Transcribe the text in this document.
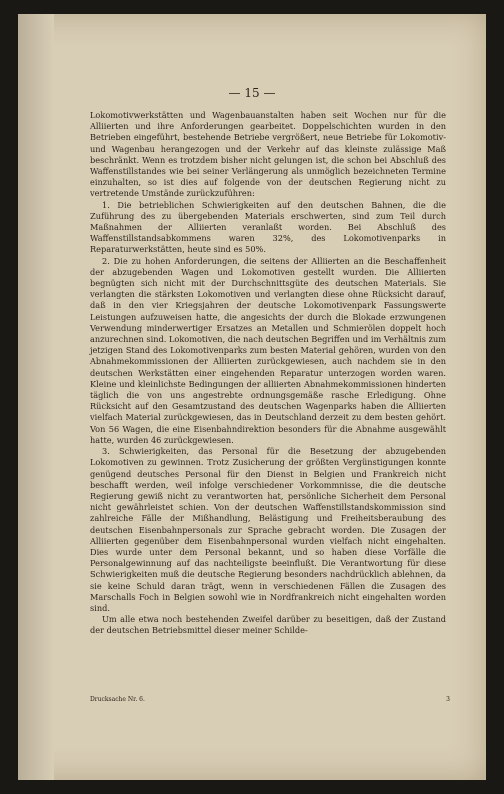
— 15 —

Lokomotivwerkstätten und Wagenbauanstalten haben seit Wochen nur für die Alliierten und ihre Anforderungen gearbeitet. Doppelschichten wurden in den Betrieben eingeführt, bestehende Betriebe vergrößert, neue Betriebe für Lokomotiv- und Wagenbau herangezogen und der Verkehr auf das kleinste zulässige Maß beschränkt. Wenn es trotzdem bisher nicht gelungen ist, die schon bei Abschluß des Waffenstillstandes wie bei seiner Verlängerung als unmöglich bezeichneten Termine einzuhalten, so ist dies auf folgende von der deutschen Regierung nicht zu vertretende Umstände zurückzuführen:

1. Die betrieblichen Schwierigkeiten auf den deutschen Bahnen, die die Zuführung des zu übergebenden Materials erschwerten, sind zum Teil durch Maßnahmen der Alliierten veranlaßt worden. Bei Abschluß des Waffenstillstandsabkommens waren 32%, des Lokomotivenparks in Reparaturwerkstätten, heute sind es 50%.

2. Die zu hohen Anforderungen, die seitens der Alliierten an die Beschaffenheit der abzugebenden Wagen und Lokomotiven gestellt wurden. Die Alliierten begnügten sich nicht mit der Durchschnittsgüte des deutschen Materials. Sie verlangten die stärksten Lokomotiven und verlangten diese ohne Rücksicht darauf, daß in den vier Kriegsjahren der deutsche Lokomotivenpark Fassungswerte Leistungen aufzuweisen hatte, die angesichts der durch die Blokade erzwungenen Verwendung minderwertiger Ersatzes an Metallen und Schmierölen doppelt hoch anzurechnen sind. Lokomotiven, die nach deutschen Begriffen und im Verhältnis zum jetzigen Stand des Lokomotivenparks zum besten Material gehören, wurden von den Abnahmekommissionen der Alliierten zurückgewiesen, auch nachdem sie in den deutschen Werkstätten einer eingehenden Reparatur unterzogen worden waren. Kleine und kleinlichste Bedingungen der alliierten Abnahmekommissionen hinderten täglich die von uns angestrebte ordnungsgemäße rasche Erledigung. Ohne Rücksicht auf den Gesamtzustand des deutschen Wagenparks haben die Alliierten vielfach Material zurückgewiesen, das in Deutschland derzeit zu dem besten gehört. Von 56 Wagen, die eine Eisenbahndirektion besonders für die Abnahme ausgewählt hatte, wurden 46 zurückgewiesen.

3. Schwierigkeiten, das Personal für die Besetzung der abzugebenden Lokomotiven zu gewinnen. Trotz Zusicherung der größten Vergünstigungen konnte genügend deutsches Personal für den Dienst in Belgien und Frankreich nicht beschafft werden, weil infolge verschiedener Vorkommnisse, die die deutsche Regierung gewiß nicht zu verantworten hat, persönliche Sicherheit dem Personal nicht gewährleistet schien. Von der deutschen Waffenstillstandskommission sind zahlreiche Fälle der Mißhandlung, Belästigung und Freiheitsberaubung des deutschen Eisenbahnpersonals zur Sprache gebracht worden. Die Zusagen der Alliierten gegenüber dem Eisenbahnpersonal wurden vielfach nicht eingehalten. Dies wurde unter dem Personal bekannt, und so haben diese Vorfälle die Personalgewinnung auf das nachteiligste beeinflußt. Die Verantwortung für diese Schwierigkeiten muß die deutsche Regierung besonders nachdrücklich ablehnen, da sie keine Schuld daran trägt, wenn in verschiedenen Fällen die Zusagen des Marschalls Foch in Belgien sowohl wie in Nordfrankreich nicht eingehalten worden sind.

Um alle etwa noch bestehenden Zweifel darüber zu beseitigen, daß der Zustand der deutschen Betriebsmittel dieser meiner Schilde-

Drucksache Nr. 6.	3
